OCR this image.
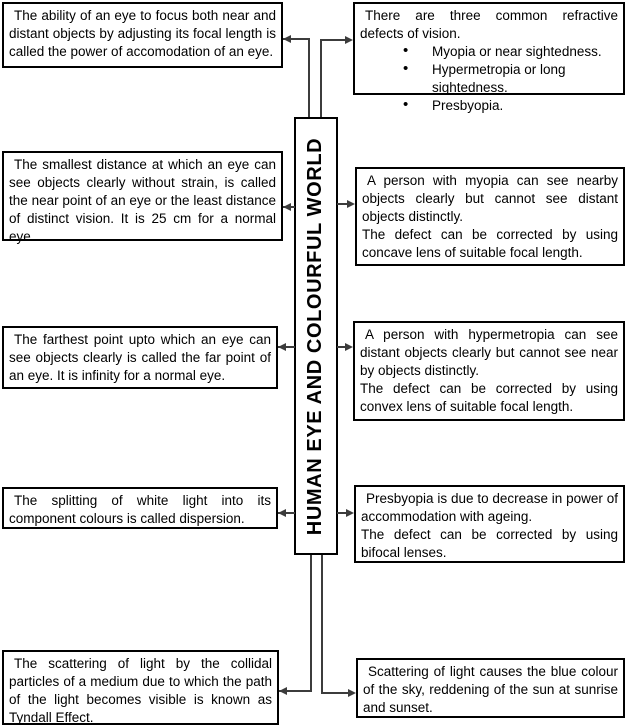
HUMAN EYE AND COLOURFUL WORLD

The ability of an eye to focus both near and distant objects by adjusting its focal length is called the power of accomodation of an eye.

The smallest distance at which an eye can see objects clearly without strain, is called the near point of an eye or the least distance of distinct vision. It is 25 cm for a normal eye.

The farthest point upto which an eye can see objects clearly is called the far point of an eye. It is infinity for a normal eye.

The splitting of white light into its component colours is called dispersion.

The scattering of light by the collidal particles of a medium due to which the path of the light becomes visible is known as Tyndall Effect.

There are three common refractive defects of vision.

• Myopia or near sightedness.
• Hypermetropia or long sightedness.
• Presbyopia.

A person with myopia can see nearby objects clearly but cannot see distant objects distinctly.

The defect can be corrected by using concave lens of suitable focal length.

A person with hypermetropia can see distant objects clearly but cannot see near by objects distinctly.

The defect can be corrected by using convex lens of suitable focal length.

Presbyopia is due to decrease in power of accommodation with ageing.

The defect can be corrected by using bifocal lenses.

Scattering of light causes the blue colour of the sky, reddening of the sun at sunrise and sunset.
